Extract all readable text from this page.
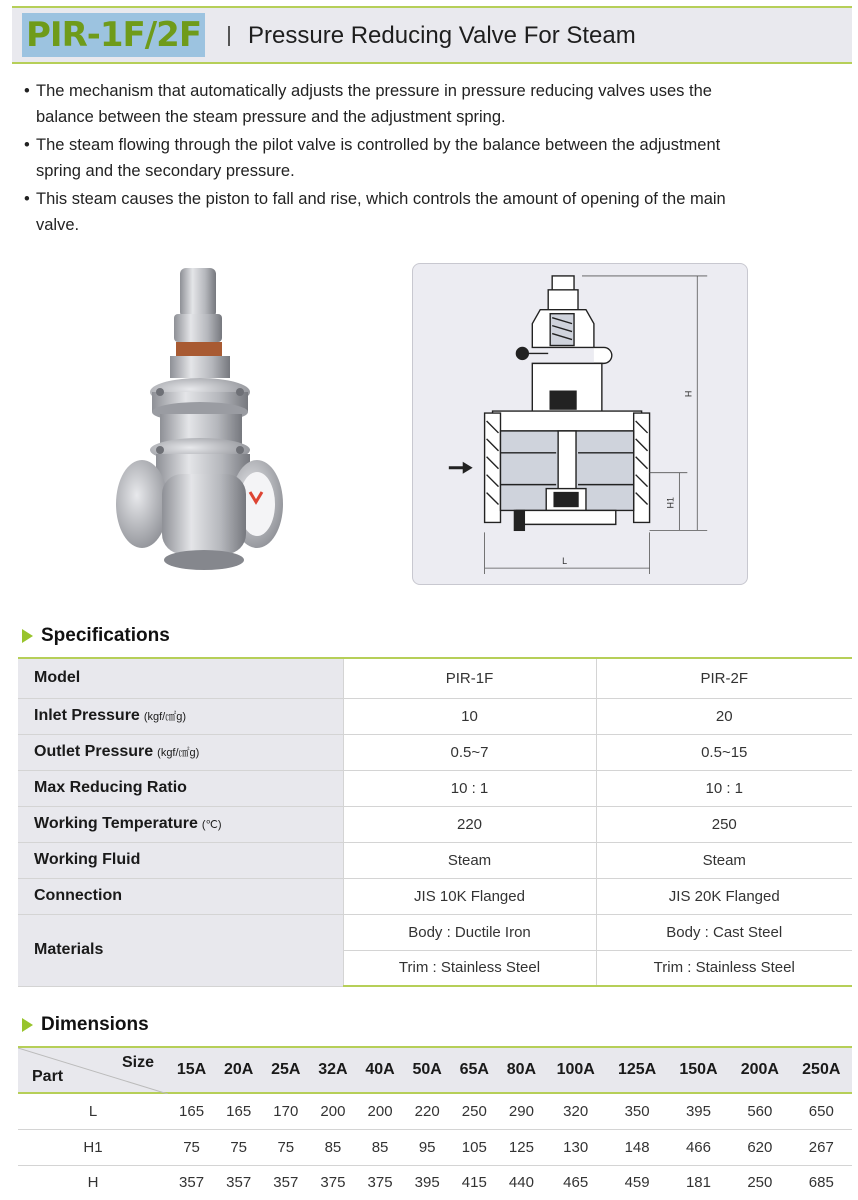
PIR-1F/2F Pressure Reducing Valve For Steam
• The mechanism that automatically adjusts the pressure in pressure reducing valves uses the balance between the steam pressure and the adjustment spring.
• The steam flowing through the pilot valve is controlled by the balance between the adjustment spring and the secondary pressure.
• This steam causes the piston to fall and rise, which controls the amount of opening of the main valve.
H
H1
L
Specifications
Model	PIR-1F	PIR-2F
Inlet Pressure (kgf/㎠g)	10	20
Outlet Pressure (kgf/㎠g)	0.5~7	0.5~15
Max Reducing Ratio	10 : 1	10 : 1
Working Temperature (℃)	220	250
Working Fluid	Steam	Steam
Connection	JIS 10K Flanged	JIS 20K Flanged
Materials	Body : Ductile Iron	Body : Cast Steel
	Trim : Stainless Steel	Trim : Stainless Steel
Dimensions
Size
Part	15A	20A	25A	32A	40A	50A	65A	80A	100A	125A	150A	200A	250A
L	165	165	170	200	200	220	250	290	320	350	395	560	650
H1	75	75	75	85	85	95	105	125	130	148	466	620	267
H	357	357	357	375	375	395	415	440	465	459	181	250	685
